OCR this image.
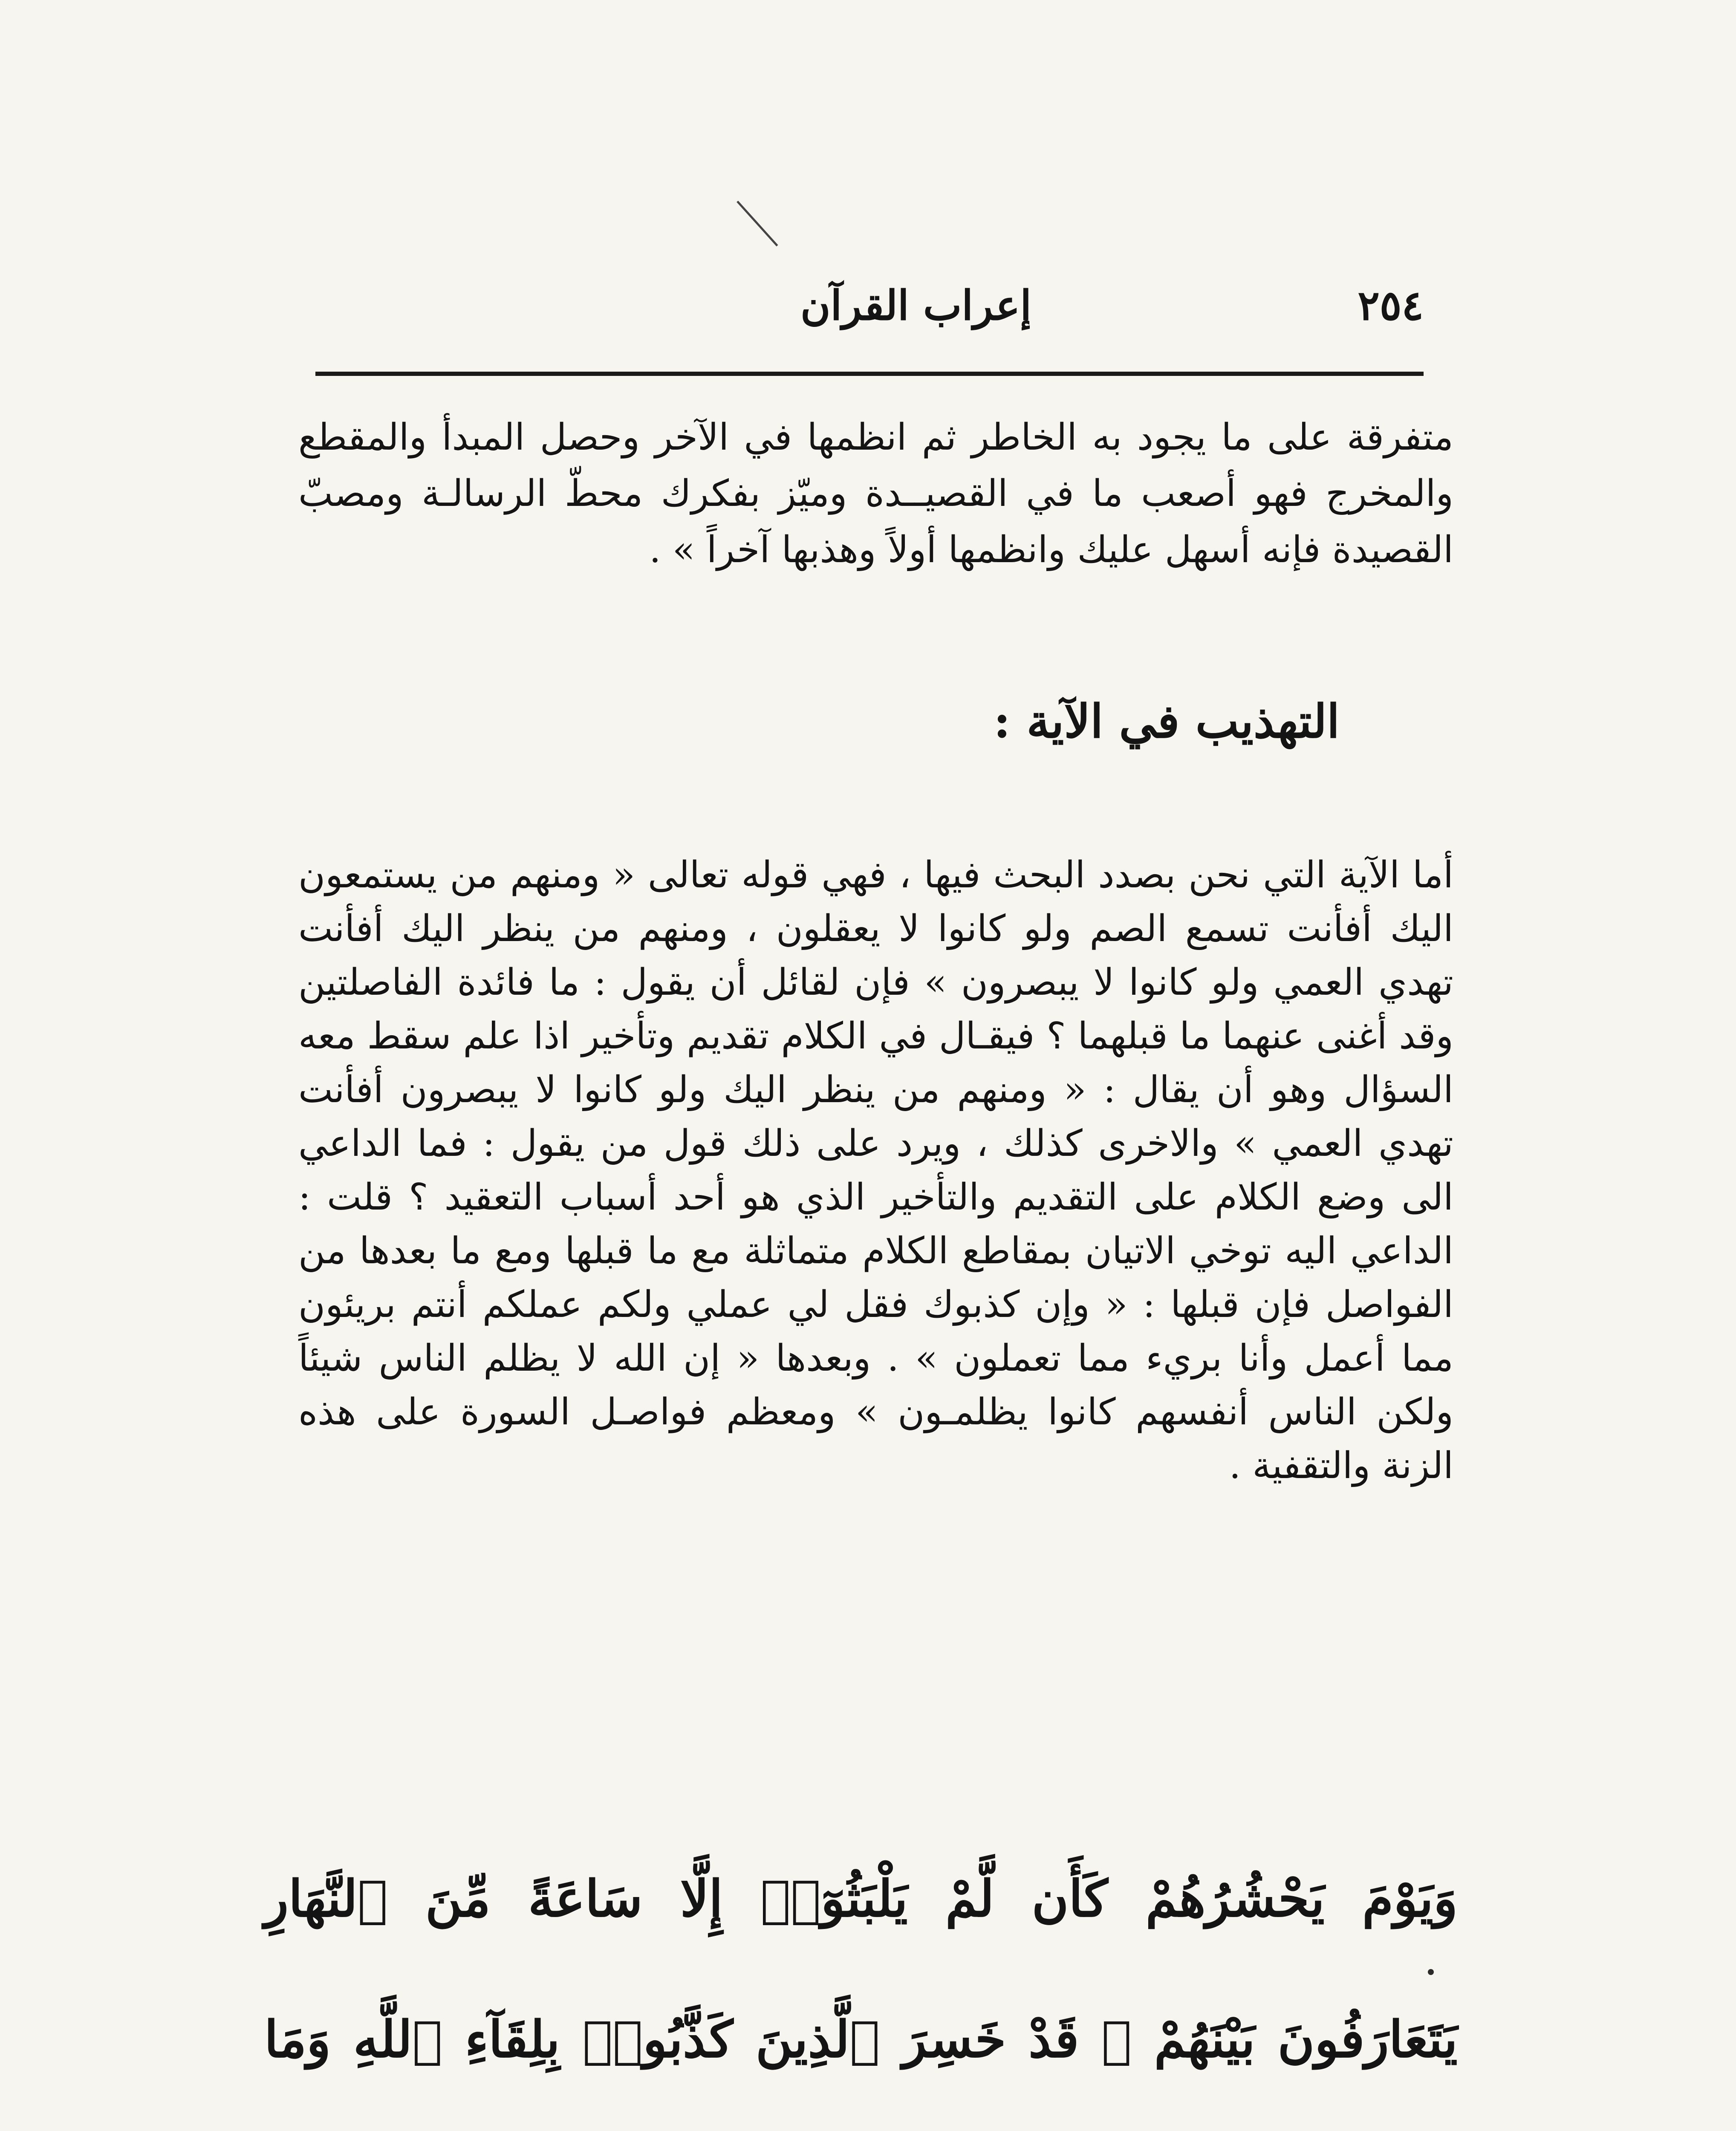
٢٥٤
إعراب القرآن

متفرقة على ما يجود به الخاطر ثم انظمها في الآخر وحصل المبدأ والمقطع والمخرج فهو أصعب ما في القصيــدة وميّز بفكرك محطّ الرسالـة ومصبّ القصيدة فإنه أسهل عليك وانظمها أولاً وهذبها آخراً » .

التهذيب في الآية :

أما الآية التي نحن بصدد البحث فيها ، فهي قوله تعالى « ومنهم من يستمعون اليك أفأنت تسمع الصم ولو كانوا لا يعقلون ، ومنهم من ينظر اليك أفأنت تهدي العمي ولو كانوا لا يبصرون » فإن لقائل أن يقول : ما فائدة الفاصلتين وقد أغنى عنهما ما قبلهما ؟ فيقـال في الكلام تقديم وتأخير اذا علم سقط معه السؤال وهو أن يقال : « ومنهم من ينظر اليك ولو كانوا لا يبصرون أفأنت تهدي العمي » والاخرى كذلك ، ويرد على ذلك قول من يقول : فما الداعي الى وضع الكلام على التقديم والتأخير الذي هو أحد أسباب التعقيد ؟ قلت : الداعي اليه توخي الاتيان بمقاطع الكلام متماثلة مع ما قبلها ومع ما بعدها من الفواصل فإن قبلها : « وإن كذبوك فقل لي عملي ولكم عملكم أنتم بريئون مما أعمل وأنا بريء مما تعملون » . وبعدها « إن الله لا يظلم الناس شيئاً ولكن الناس أنفسهم كانوا يظلمـون » ومعظم فواصـل السورة على هذه الزنة والتقفية .

وَيَوْمَ يَحْشُرُهُمْ كَأَن لَّمْ يَلْبَثُوٓا۟ إِلَّا سَاعَةً مِّنَ ٱلنَّهَارِ يَتَعَارَفُونَ بَيْنَهُمْ ۚ قَدْ خَسِرَ ٱلَّذِينَ كَذَّبُوا۟ بِلِقَآءِ ٱللَّهِ وَمَا
